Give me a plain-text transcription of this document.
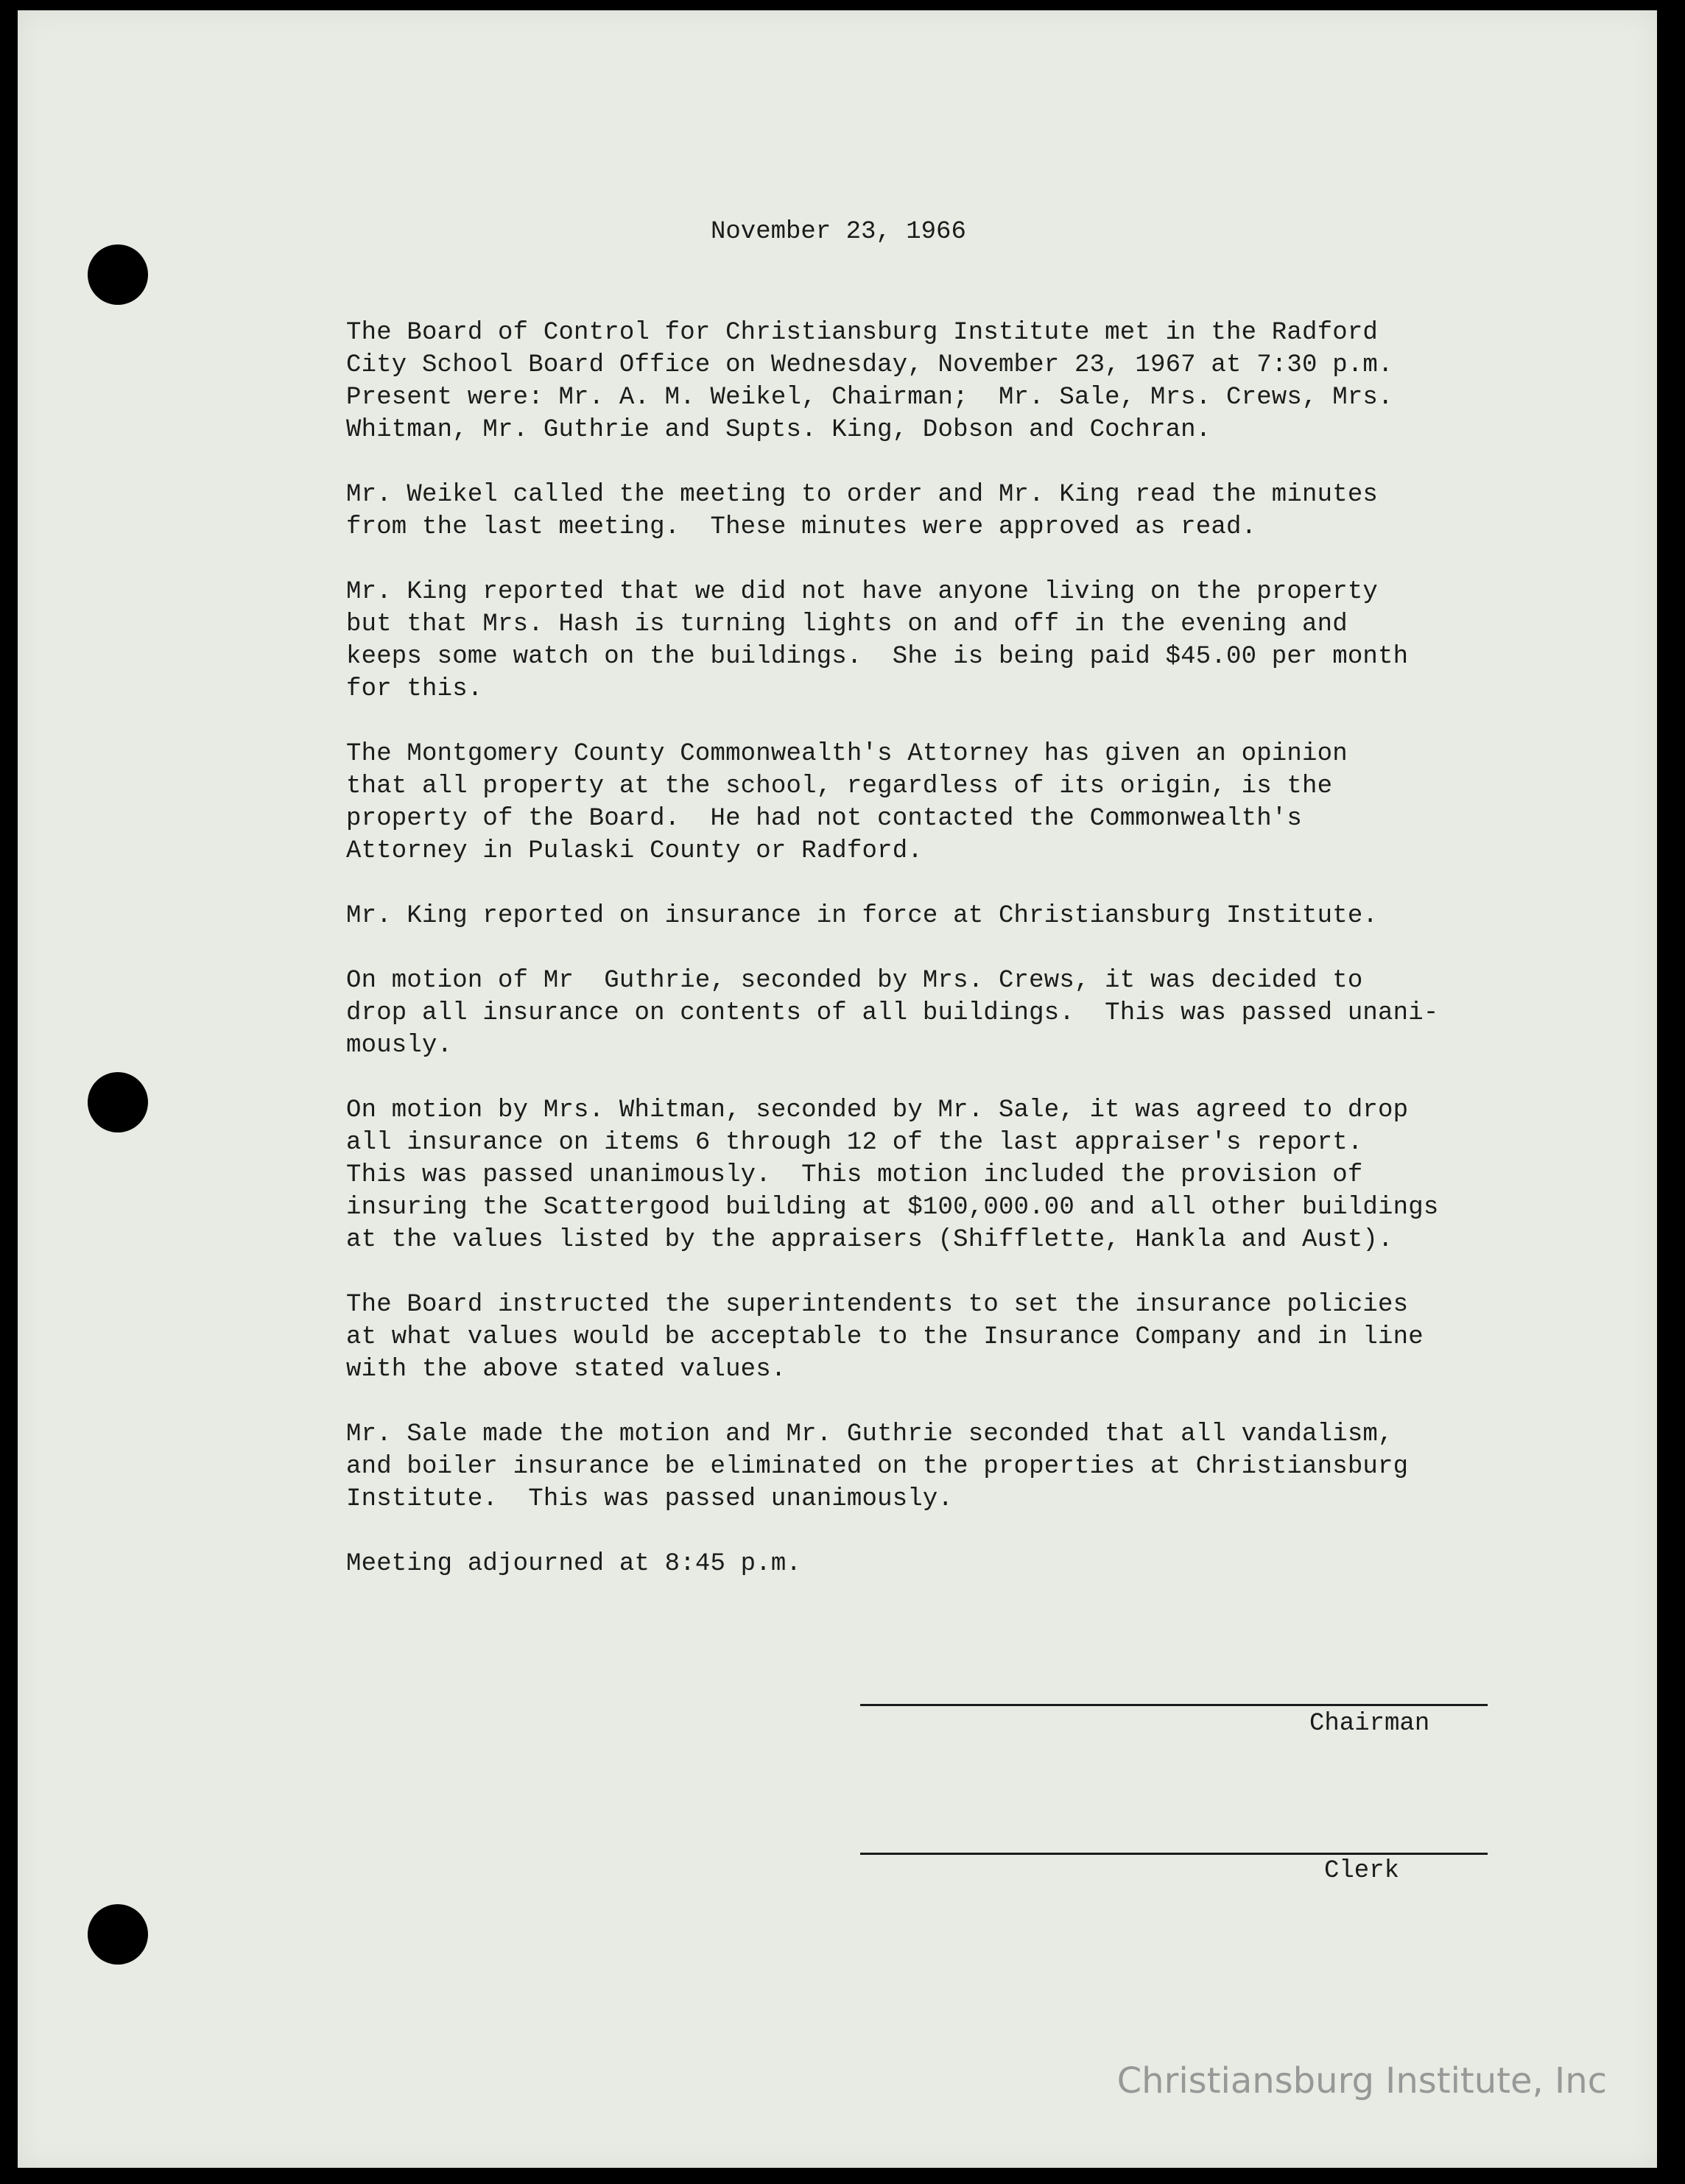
November 23, 1966
The Board of Control for Christiansburg Institute met in the Radford
City School Board Office on Wednesday, November 23, 1967 at 7:30 p.m.
Present were: Mr. A. M. Weikel, Chairman;  Mr. Sale, Mrs. Crews, Mrs.
Whitman, Mr. Guthrie and Supts. King, Dobson and Cochran.
Mr. Weikel called the meeting to order and Mr. King read the minutes
from the last meeting.  These minutes were approved as read.
Mr. King reported that we did not have anyone living on the property
but that Mrs. Hash is turning lights on and off in the evening and
keeps some watch on the buildings.  She is being paid $45.00 per month
for this.
The Montgomery County Commonwealth's Attorney has given an opinion
that all property at the school, regardless of its origin, is the
property of the Board.  He had not contacted the Commonwealth's
Attorney in Pulaski County or Radford.
Mr. King reported on insurance in force at Christiansburg Institute.
On motion of Mr  Guthrie, seconded by Mrs. Crews, it was decided to
drop all insurance on contents of all buildings.  This was passed unani-
mously.
On motion by Mrs. Whitman, seconded by Mr. Sale, it was agreed to drop
all insurance on items 6 through 12 of the last appraiser's report.
This was passed unanimously.  This motion included the provision of
insuring the Scattergood building at $100,000.00 and all other buildings
at the values listed by the appraisers (Shifflette, Hankla and Aust).
The Board instructed the superintendents to set the insurance policies
at what values would be acceptable to the Insurance Company and in line
with the above stated values.
Mr. Sale made the motion and Mr. Guthrie seconded that all vandalism,
and boiler insurance be eliminated on the properties at Christiansburg
Institute.  This was passed unanimously.
Meeting adjourned at 8:45 p.m.
Chairman
Clerk
Christiansburg Institute, Inc
